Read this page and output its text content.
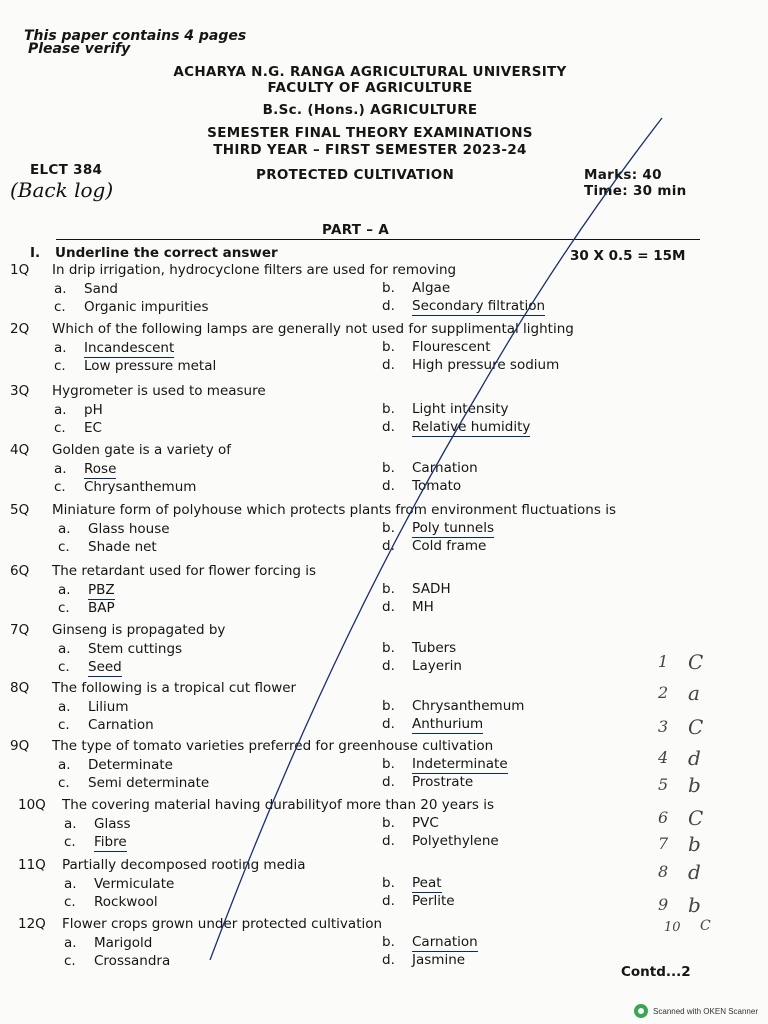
This paper contains 4 pages
Please verify
ACHARYA N.G. RANGA AGRICULTURAL UNIVERSITY
FACULTY OF AGRICULTURE
B.Sc. (Hons.) AGRICULTURE
SEMESTER FINAL THEORY EXAMINATIONS
THIRD YEAR – FIRST SEMESTER 2023-24
ELCT 384
(Back log)
PROTECTED CULTIVATION	Marks: 40
Time: 30 min
PART – A
I. Underline the correct answer	30 X 0.5 = 15M
1Q In drip irrigation, hydrocyclone filters are used for removing
a. Sand	b. Algae
c. Organic impurities	d. Secondary filtration
2Q Which of the following lamps are generally not used for supplimental lighting
a. Incandescent	b. Flourescent
c. Low pressure metal	d. High pressure sodium
3Q Hygrometer is used to measure
a. pH	b. Light intensity
c. EC	d. Relative humidity
4Q Golden gate is a variety of
a. Rose	b. Carnation
c. Chrysanthemum	d. Tomato
5Q Miniature form of polyhouse which protects plants from environment fluctuations is
a. Glass house	b. Poly tunnels
c. Shade net	d. Cold frame
6Q The retardant used for flower forcing is
a. PBZ	b. SADH
c. BAP	d. MH
7Q Ginseng is propagated by
a. Stem cuttings	b. Tubers
c. Seed	d. Layerin
8Q The following is a tropical cut flower
a. Lilium	b. Chrysanthemum
c. Carnation	d. Anthurium
9Q The type of tomato varieties preferred for greenhouse cultivation
a. Determinate	b. Indeterminate
c. Semi determinate	d. Prostrate
10Q The covering material having durabilityof more than 20 years is
a. Glass	b. PVC
c. Fibre	d. Polyethylene
11Q Partially decomposed rooting media
a. Vermiculate	b. Peat
c. Rockwool	d. Perlite
12Q Flower crops grown under protected cultivation
a. Marigold	b. Carnation
c. Crossandra	d. Jasmine
1 C
2 a
3 C
4 d
5 b
6 C
7 b
8 d
9 b
10 C
Contd...2
Scanned with OKEN Scanner
